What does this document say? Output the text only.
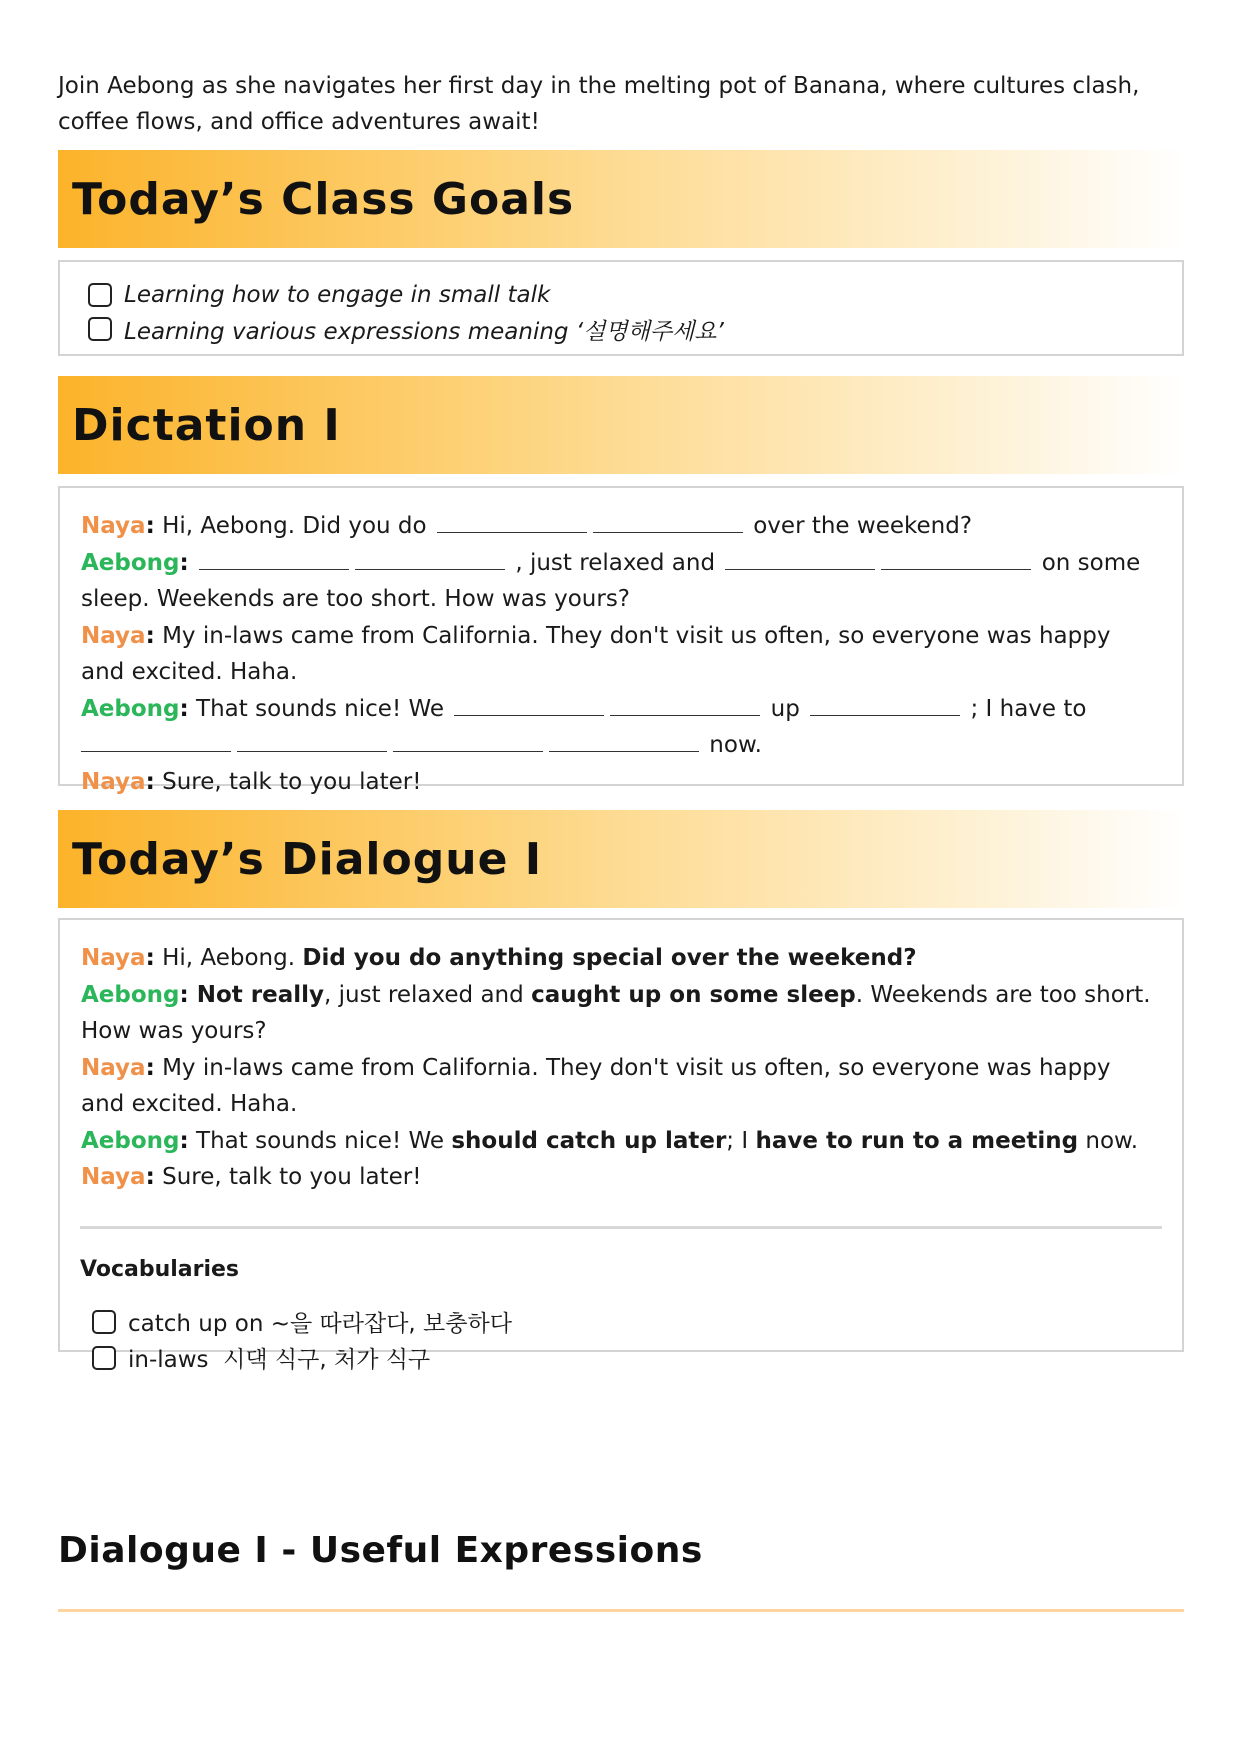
Join Aebong as she navigates her first day in the melting pot of Banana, where cultures clash, coffee flows, and office adventures await!

Today’s Class Goals
Learning how to engage in small talk
Learning various expressions meaning ‘설명해주세요’
Dictation I

Naya: Hi, Aebong. Did you do	over the weekend?

Aebong:	, just relaxed and	on some sleep. Weekends are too short. How was yours?

Naya: My in-laws came from California. They don't visit us often, so everyone was happy and excited. Haha.

Aebong: That sounds nice! We	up	; I have to
now.

Naya: Sure, talk to you later!

Today’s Dialogue I

Naya: Hi, Aebong. Did you do anything special over the weekend?

Aebong: Not really, just relaxed and caught up on some sleep. Weekends are too short. How was yours?

Naya: My in-laws came from California. They don't visit us often, so everyone was happy and excited. Haha.

Aebong: That sounds nice! We should catch up later; I have to run to a meeting now.

Naya: Sure, talk to you later!

Vocabularies
catch up on ~을 따라잡다, 보충하다
in-laws  시댁 식구, 처가 식구
Dialogue I - Useful Expressions
